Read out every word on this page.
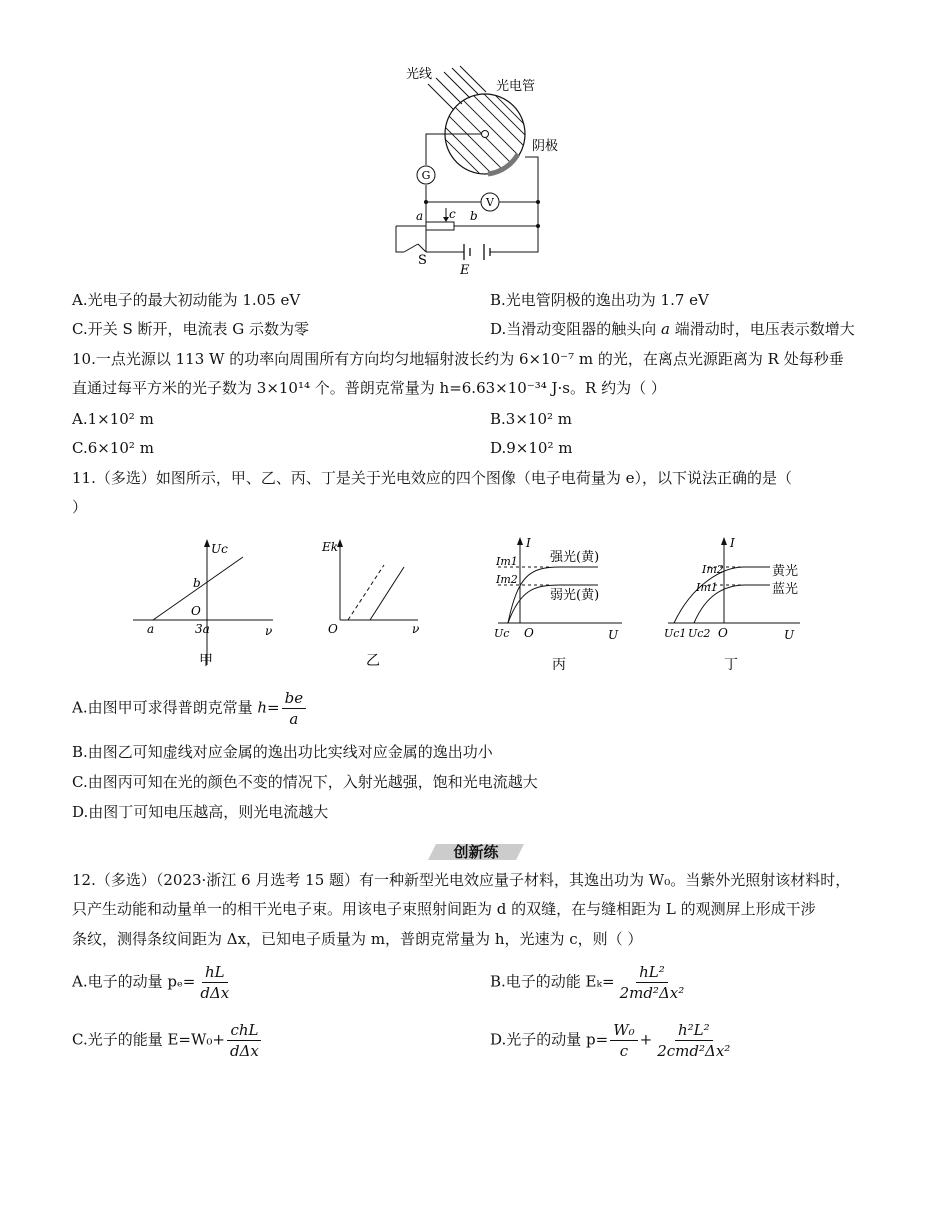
G
V
光线
光电管
阴极
a c b
S
E
A.光电子的最大初动能为 1.05 eV	B.光电管阴极的逸出功为 1.7 eV
C.开关 S 断开，电流表 G 示数为零	D.当滑动变阻器的触头向 a 端滑动时，电压表示数增大
10.一点光源以 113 W 的功率向周围所有方向均匀地辐射波长约为 6×10⁻⁷ m 的光，在离点光源距离为 R 处每秒垂
直通过每平方米的光子数为 3×10¹⁴ 个。普朗克常量为 h=6.63×10⁻³⁴ J·s。R 约为（ ）
A.1×10² m	B.3×10² m
C.6×10² m	D.9×10² m
11.（多选）如图所示，甲、乙、丙、丁是关于光电效应的四个图像（电子电荷量为 e），以下说法正确的是（
）
Uc
ν
O
b
a	3a
甲
Ek
ν
O
乙
I
U
O
Uc
Im1
Im2
强光(黄)
弱光(黄)
丙
I
U
O
Uc1 Uc2
Im2
Im1
黄光
蓝光
丁
A.由图甲可求得普朗克常量 $h= \frac{be}{a}$
B.由图乙可知虚线对应金属的逸出功比实线对应金属的逸出功小
C.由图丙可知在光的颜色不变的情况下，入射光越强，饱和光电流越大
D.由图丁可知电压越高，则光电流越大
创新练
12.（多选）（2023·浙江 6 月选考 15 题）有一种新型光电效应量子材料，其逸出功为 W₀。当紫外光照射该材料时，
只产生动能和动量单一的相干光电子束。用该电子束照射间距为 d 的双缝，在与缝相距为 L 的观测屏上形成干涉
条纹，测得条纹间距为 Δx，已知电子质量为 m，普朗克常量为 h，光速为 c，则（ ）
A.电子的动量 $p_e= \frac{hL}{\text{dΔx}}$	B.电子的动能 $E_k= \frac{\text{hL²}}{\text{2md²Δx²}}$
C.光子的能量 $E=W_0+ \frac{\text{chL}}{\text{dΔx}}$	D.光子的动量 $p= \frac{\text{W₀}}{c} + \frac{\text{h²L²}}{\text{2cmd²Δx²}}$
